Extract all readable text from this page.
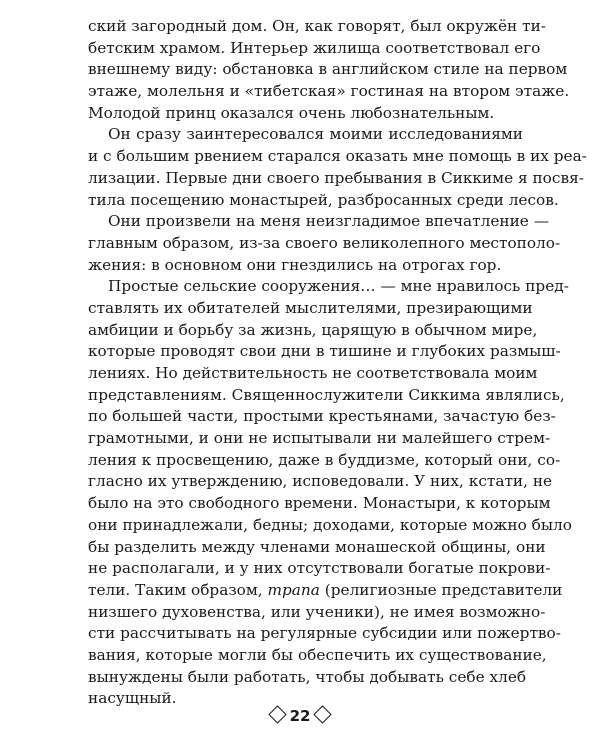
ский загородный дом. Он, как говорят, был окружён ти-
бетским храмом. Интерьер жилища соответствовал его
внешнему виду: обстановка в английском стиле на первом
этаже, молельня и «тибетская» гостиная на втором этаже.
Молодой принц оказался очень любознательным.
Он сразу заинтересовался моими исследованиями
и с большим рвением старался оказать мне помощь в их реа-
лизации. Первые дни своего пребывания в Сиккиме я посвя-
тила посещению монастырей, разбросанных среди лесов.
Они произвели на меня неизгладимое впечатление —
главным образом, из-за своего великолепного местополо-
жения: в основном они гнездились на отрогах гор.
Простые сельские сооружения… — мне нравилось пред-
ставлять их обитателей мыслителями, презирающими
амбиции и борьбу за жизнь, царящую в обычном мире,
которые проводят свои дни в тишине и глубоких размыш-
лениях. Но действительность не соответствовала моим
представлениям. Священнослужители Сиккима являлись,
по большей части, простыми крестьянами, зачастую без-
грамотными, и они не испытывали ни малейшего стрем-
ления к просвещению, даже в буддизме, который они, со-
гласно их утверждению, исповедовали. У них, кстати, не
было на это свободного времени. Монастыри, к которым
они принадлежали, бедны; доходами, которые можно было
бы разделить между членами монашеской общины, они
не располагали, и у них отсутствовали богатые покрови-
тели. Таким образом, трапа (религиозные представители
низшего духовенства, или ученики), не имея возможно-
сти рассчитывать на регулярные субсидии или пожертво-
вания, которые могли бы обеспечить их существование,
вынуждены были работать, чтобы добывать себе хлеб
насущный.
22
